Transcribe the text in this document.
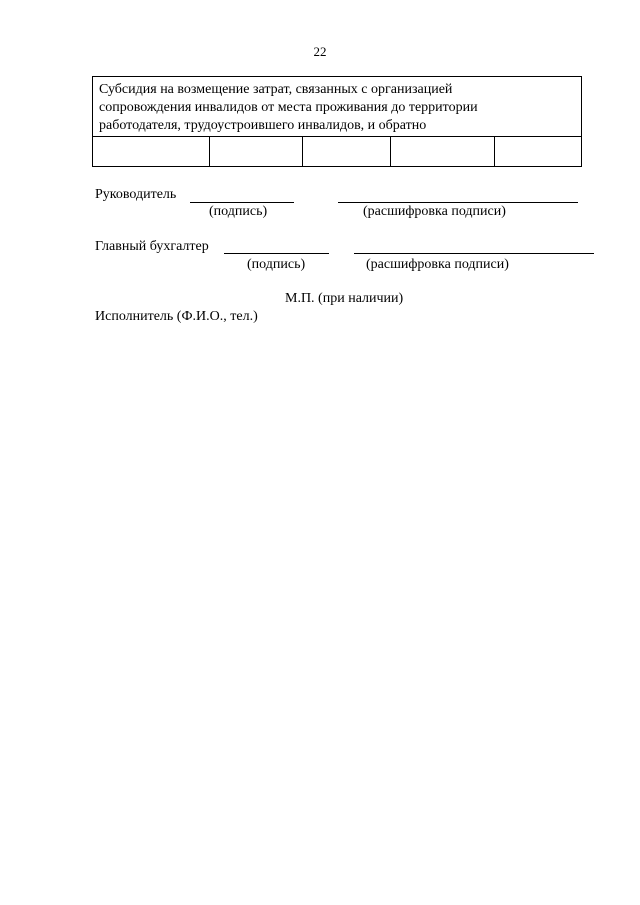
22
Субсидия на возмещение затрат, связанных с организацией
сопровождения инвалидов от места проживания до территории
работодателя, трудоустроившего инвалидов, и обратно
Руководитель
(подпись)	(расшифровка подписи)
Главный бухгалтер
(подпись)	(расшифровка подписи)
М.П. (при наличии)
Исполнитель (Ф.И.О., тел.)
